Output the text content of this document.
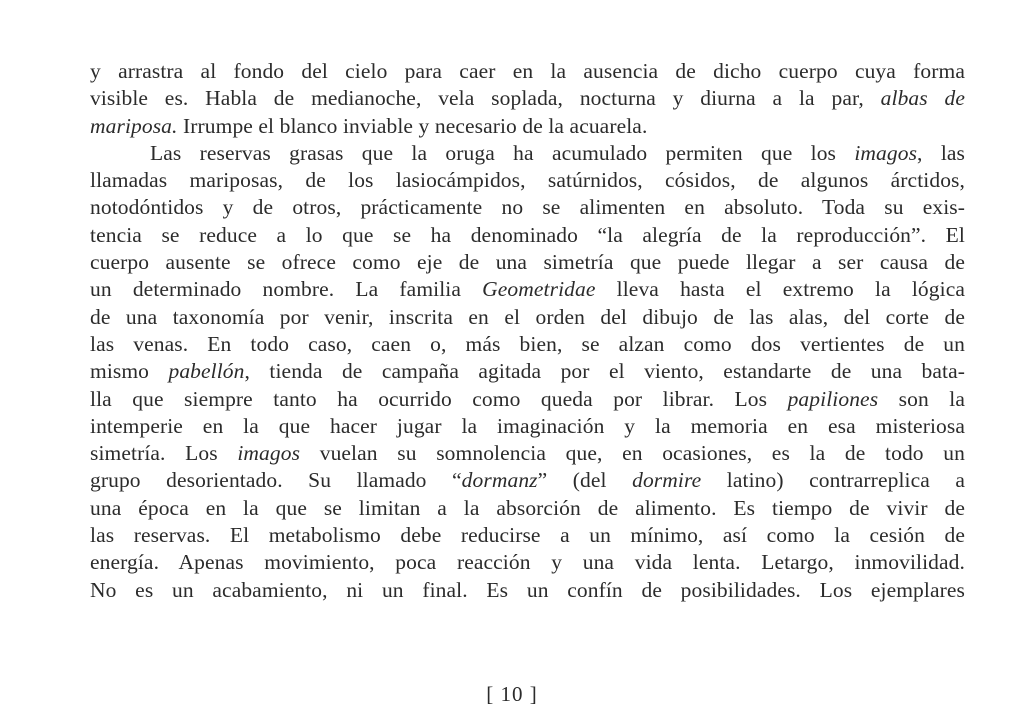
y arrastra al fondo del cielo para caer en la ausencia de dicho cuerpo cuya forma
visible es. Habla de medianoche, vela soplada, nocturna y diurna a la par, albas de
mariposa. Irrumpe el blanco inviable y necesario de la acuarela.
Las reservas grasas que la oruga ha acumulado permiten que los imagos, las
llamadas mariposas, de los lasiocámpidos, satúrnidos, cósidos, de algunos árctidos,
notodóntidos y de otros, prácticamente no se alimenten en absoluto. Toda su exis-
tencia se reduce a lo que se ha denominado “la alegría de la reproducción”. El
cuerpo ausente se ofrece como eje de una simetría que puede llegar a ser causa de
un determinado nombre. La familia Geometridae lleva hasta el extremo la lógica
de una taxonomía por venir, inscrita en el orden del dibujo de las alas, del corte de
las venas. En todo caso, caen o, más bien, se alzan como dos vertientes de un
mismo pabellón, tienda de campaña agitada por el viento, estandarte de una bata-
lla que siempre tanto ha ocurrido como queda por librar. Los papiliones son la
intemperie en la que hacer jugar la imaginación y la memoria en esa misteriosa
simetría. Los imagos vuelan su somnolencia que, en ocasiones, es la de todo un
grupo desorientado. Su llamado “dormanz” (del dormire latino) contrarreplica a
una época en la que se limitan a la absorción de alimento. Es tiempo de vivir de
las reservas. El metabolismo debe reducirse a un mínimo, así como la cesión de
energía. Apenas movimiento, poca reacción y una vida lenta. Letargo, inmovilidad.
No es un acabamiento, ni un final. Es un confín de posibilidades. Los ejemplares
[ 10 ]
